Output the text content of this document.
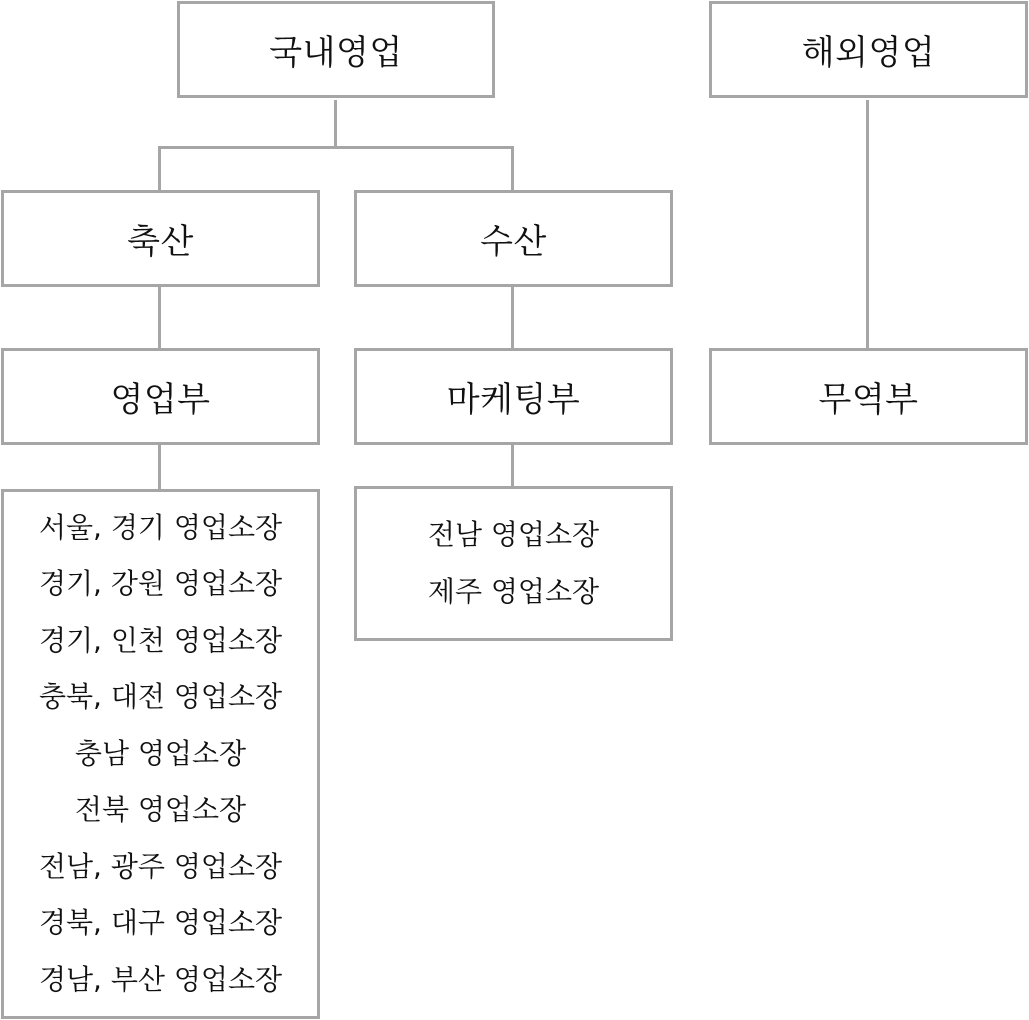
국내영업	해외영업
축산	수산
영업부	마케팅부	무역부
서울, 경기 영업소장
경기, 강원 영업소장
경기, 인천 영업소장
충북, 대전 영업소장
충남 영업소장
전북 영업소장
전남, 광주 영업소장
경북, 대구 영업소장
경남, 부산 영업소장
전남 영업소장
제주 영업소장
